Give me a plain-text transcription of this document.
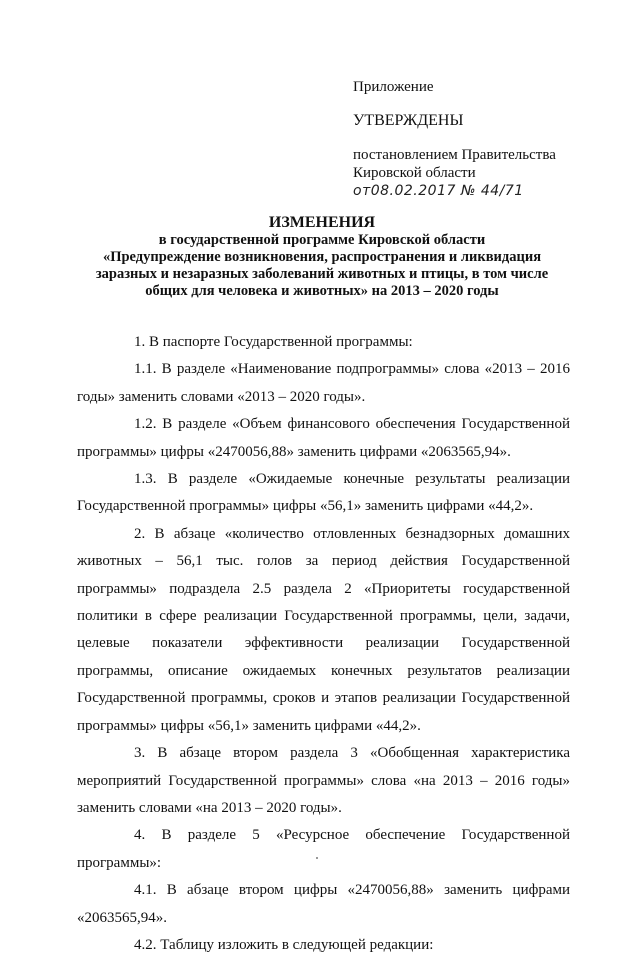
Приложение
УТВЕРЖДЕНЫ
постановлением Правительства
Кировской области
от08.02.2017 № 44/71
ИЗМЕНЕНИЯ
в государственной программе Кировской области
«Предупреждение возникновения, распространения и ликвидация
заразных и незаразных заболеваний животных и птицы, в том числе
общих для человека и животных» на 2013 – 2020 годы

1. В паспорте Государственной программы:

1.1. В разделе «Наименование подпрограммы» слова «2013 – 2016 годы» заменить словами «2013 – 2020 годы».

1.2. В разделе «Объем финансового обеспечения Государственной программы» цифры «2470056,88» заменить цифрами «2063565,94».

1.3. В разделе «Ожидаемые конечные результаты реализации Государственной программы» цифры «56,1» заменить цифрами «44,2».

2. В абзаце «количество отловленных безнадзорных домашних животных – 56,1 тыс. голов за период действия Государственной программы» подраздела 2.5 раздела 2 «Приоритеты государственной политики в сфере реализации Государственной программы, цели, задачи, целевые показатели эффективности реализации Государственной программы, описание ожидаемых конечных результатов реализации Государственной программы, сроков и этапов реализации Государственной программы» цифры «56,1» заменить цифрами «44,2».

3. В абзаце втором раздела 3 «Обобщенная характеристика мероприятий Государственной программы» слова «на 2013 – 2016 годы» заменить словами «на 2013 – 2020 годы».

4. В разделе 5 «Ресурсное обеспечение Государственной программы»:

4.1. В абзаце втором цифры «2470056,88» заменить цифрами «2063565,94».

4.2. Таблицу изложить в следующей редакции:
